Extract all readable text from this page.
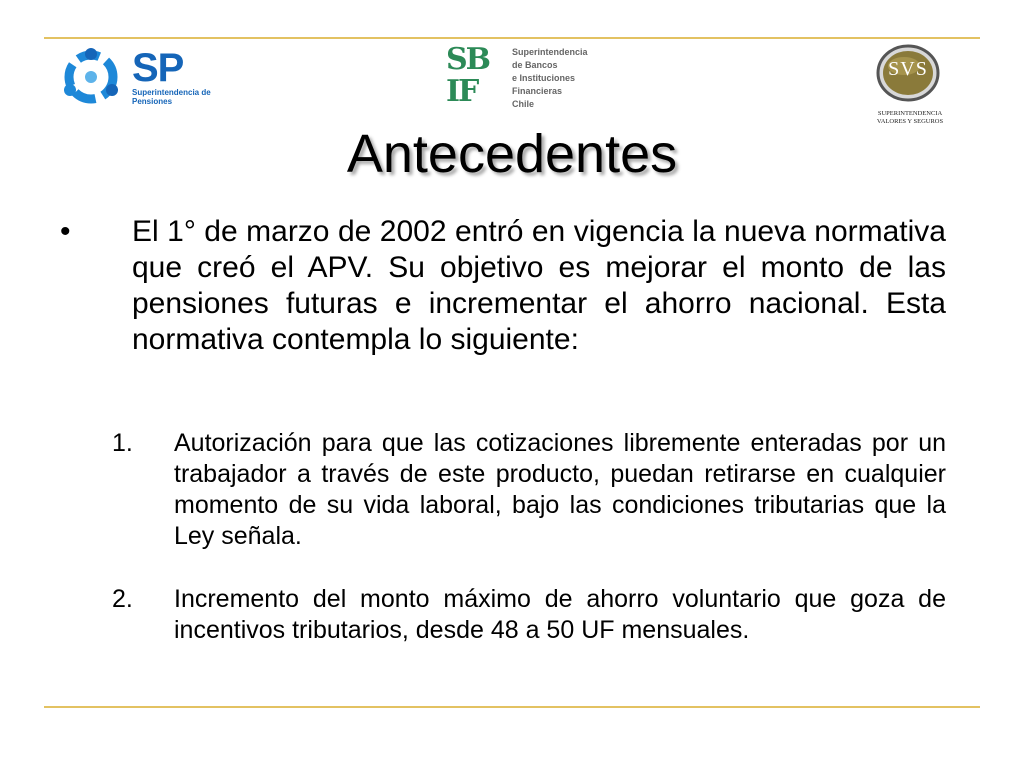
SP
Superintendencia de
Pensiones
SB
IF
Superintendencia
de Bancos
e Instituciones
Financieras
Chile
SVS
SUPERINTENDENCIA
VALORES Y SEGUROS
Antecedentes
• El 1° de marzo de 2002 entró en vigencia la nueva normativa que creó el APV. Su objetivo es mejorar el monto de las pensiones futuras e incrementar el ahorro nacional. Esta normativa contempla lo siguiente:
1. Autorización para que las cotizaciones libremente enteradas por un trabajador a través de este producto, puedan retirarse en cualquier momento de su vida laboral, bajo las condiciones tributarias que la Ley señala.
2. Incremento del monto máximo de ahorro voluntario que goza de incentivos tributarios, desde 48 a 50 UF mensuales.
